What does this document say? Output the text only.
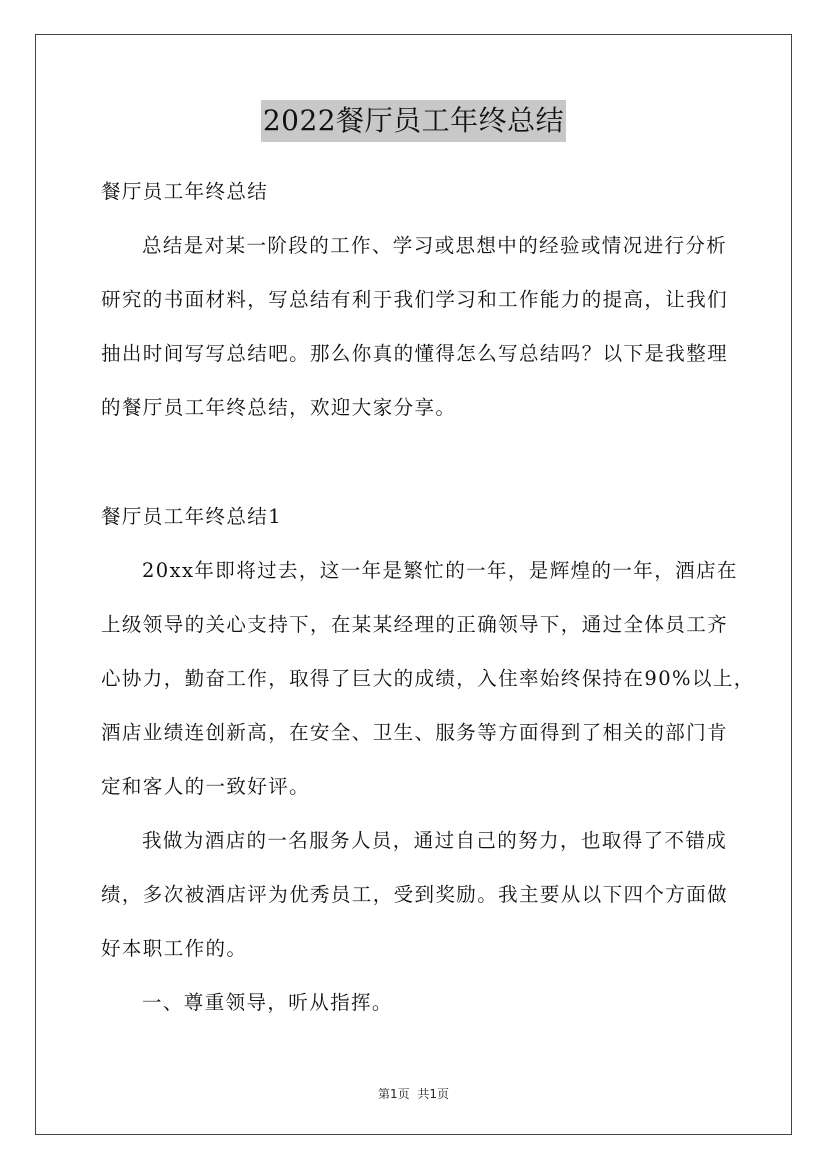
2022餐厅员工年终总结
餐厅员工年终总结
总结是对某一阶段的工作、学习或思想中的经验或情况进行分析
研究的书面材料，写总结有利于我们学习和工作能力的提高，让我们
抽出时间写写总结吧。那么你真的懂得怎么写总结吗？以下是我整理
的餐厅员工年终总结，欢迎大家分享。
餐厅员工年终总结1
20xx年即将过去，这一年是繁忙的一年，是辉煌的一年，酒店在
上级领导的关心支持下，在某某经理的正确领导下，通过全体员工齐
心协力，勤奋工作，取得了巨大的成绩，入住率始终保持在90%以上，
酒店业绩连创新高，在安全、卫生、服务等方面得到了相关的部门肯
定和客人的一致好评。
我做为酒店的一名服务人员，通过自己的努力，也取得了不错成
绩，多次被酒店评为优秀员工，受到奖励。我主要从以下四个方面做
好本职工作的。
一、尊重领导，听从指挥。
第1页 共1页
